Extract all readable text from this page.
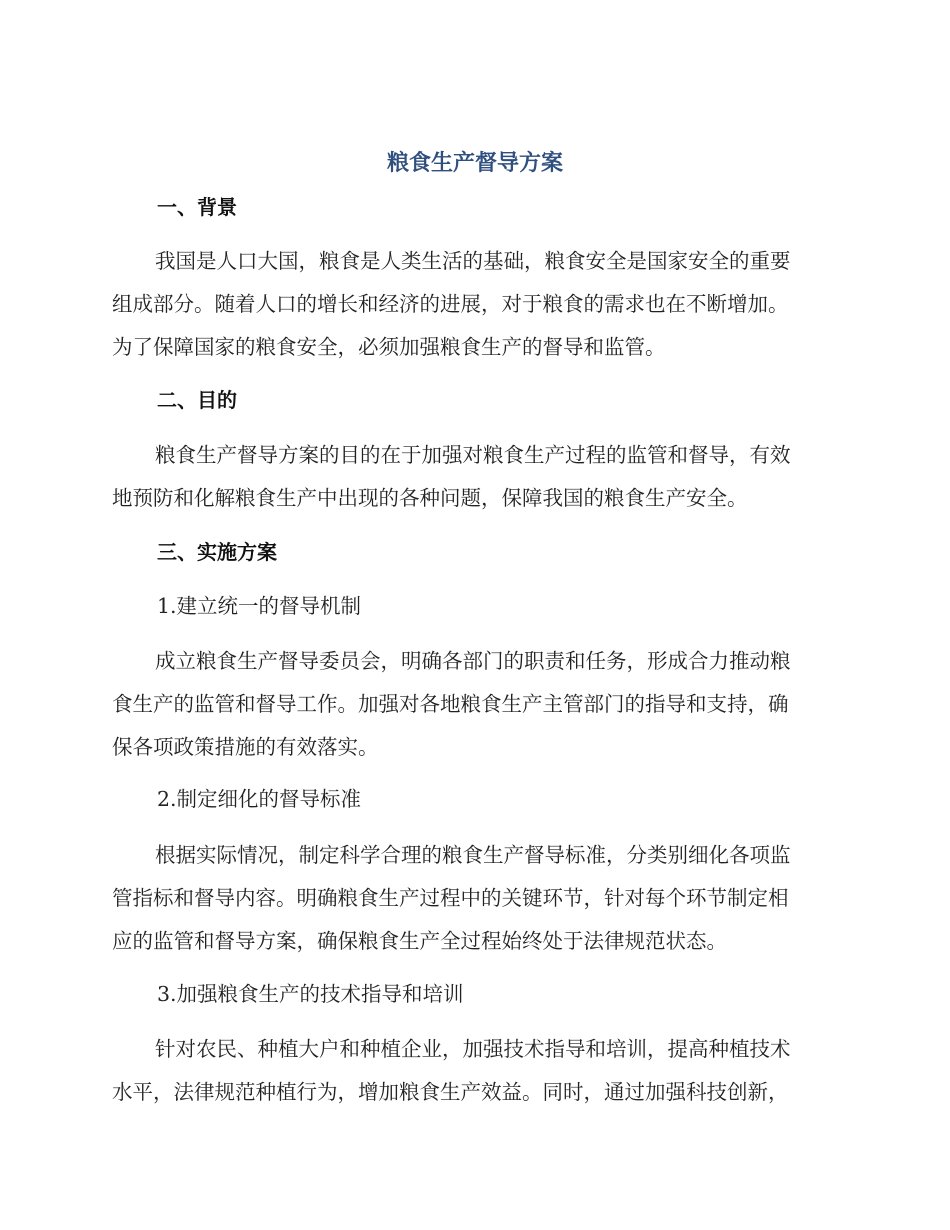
粮食生产督导方案
一、背景

我国是人口大国，粮食是人类生活的基础，粮食安全是国家安全的重要
组成部分。随着人口的增长和经济的进展，对于粮食的需求也在不断增加。
为了保障国家的粮食安全，必须加强粮食生产的督导和监管。

二、目的

粮食生产督导方案的目的在于加强对粮食生产过程的监管和督导，有效
地预防和化解粮食生产中出现的各种问题，保障我国的粮食生产安全。

三、实施方案

1.建立统一的督导机制

成立粮食生产督导委员会，明确各部门的职责和任务，形成合力推动粮
食生产的监管和督导工作。加强对各地粮食生产主管部门的指导和支持，确
保各项政策措施的有效落实。

2.制定细化的督导标准

根据实际情况，制定科学合理的粮食生产督导标准，分类别细化各项监
管指标和督导内容。明确粮食生产过程中的关键环节，针对每个环节制定相
应的监管和督导方案，确保粮食生产全过程始终处于法律规范状态。

3.加强粮食生产的技术指导和培训

针对农民、种植大户和种植企业，加强技术指导和培训，提高种植技术
水平，法律规范种植行为，增加粮食生产效益。同时，通过加强科技创新，
